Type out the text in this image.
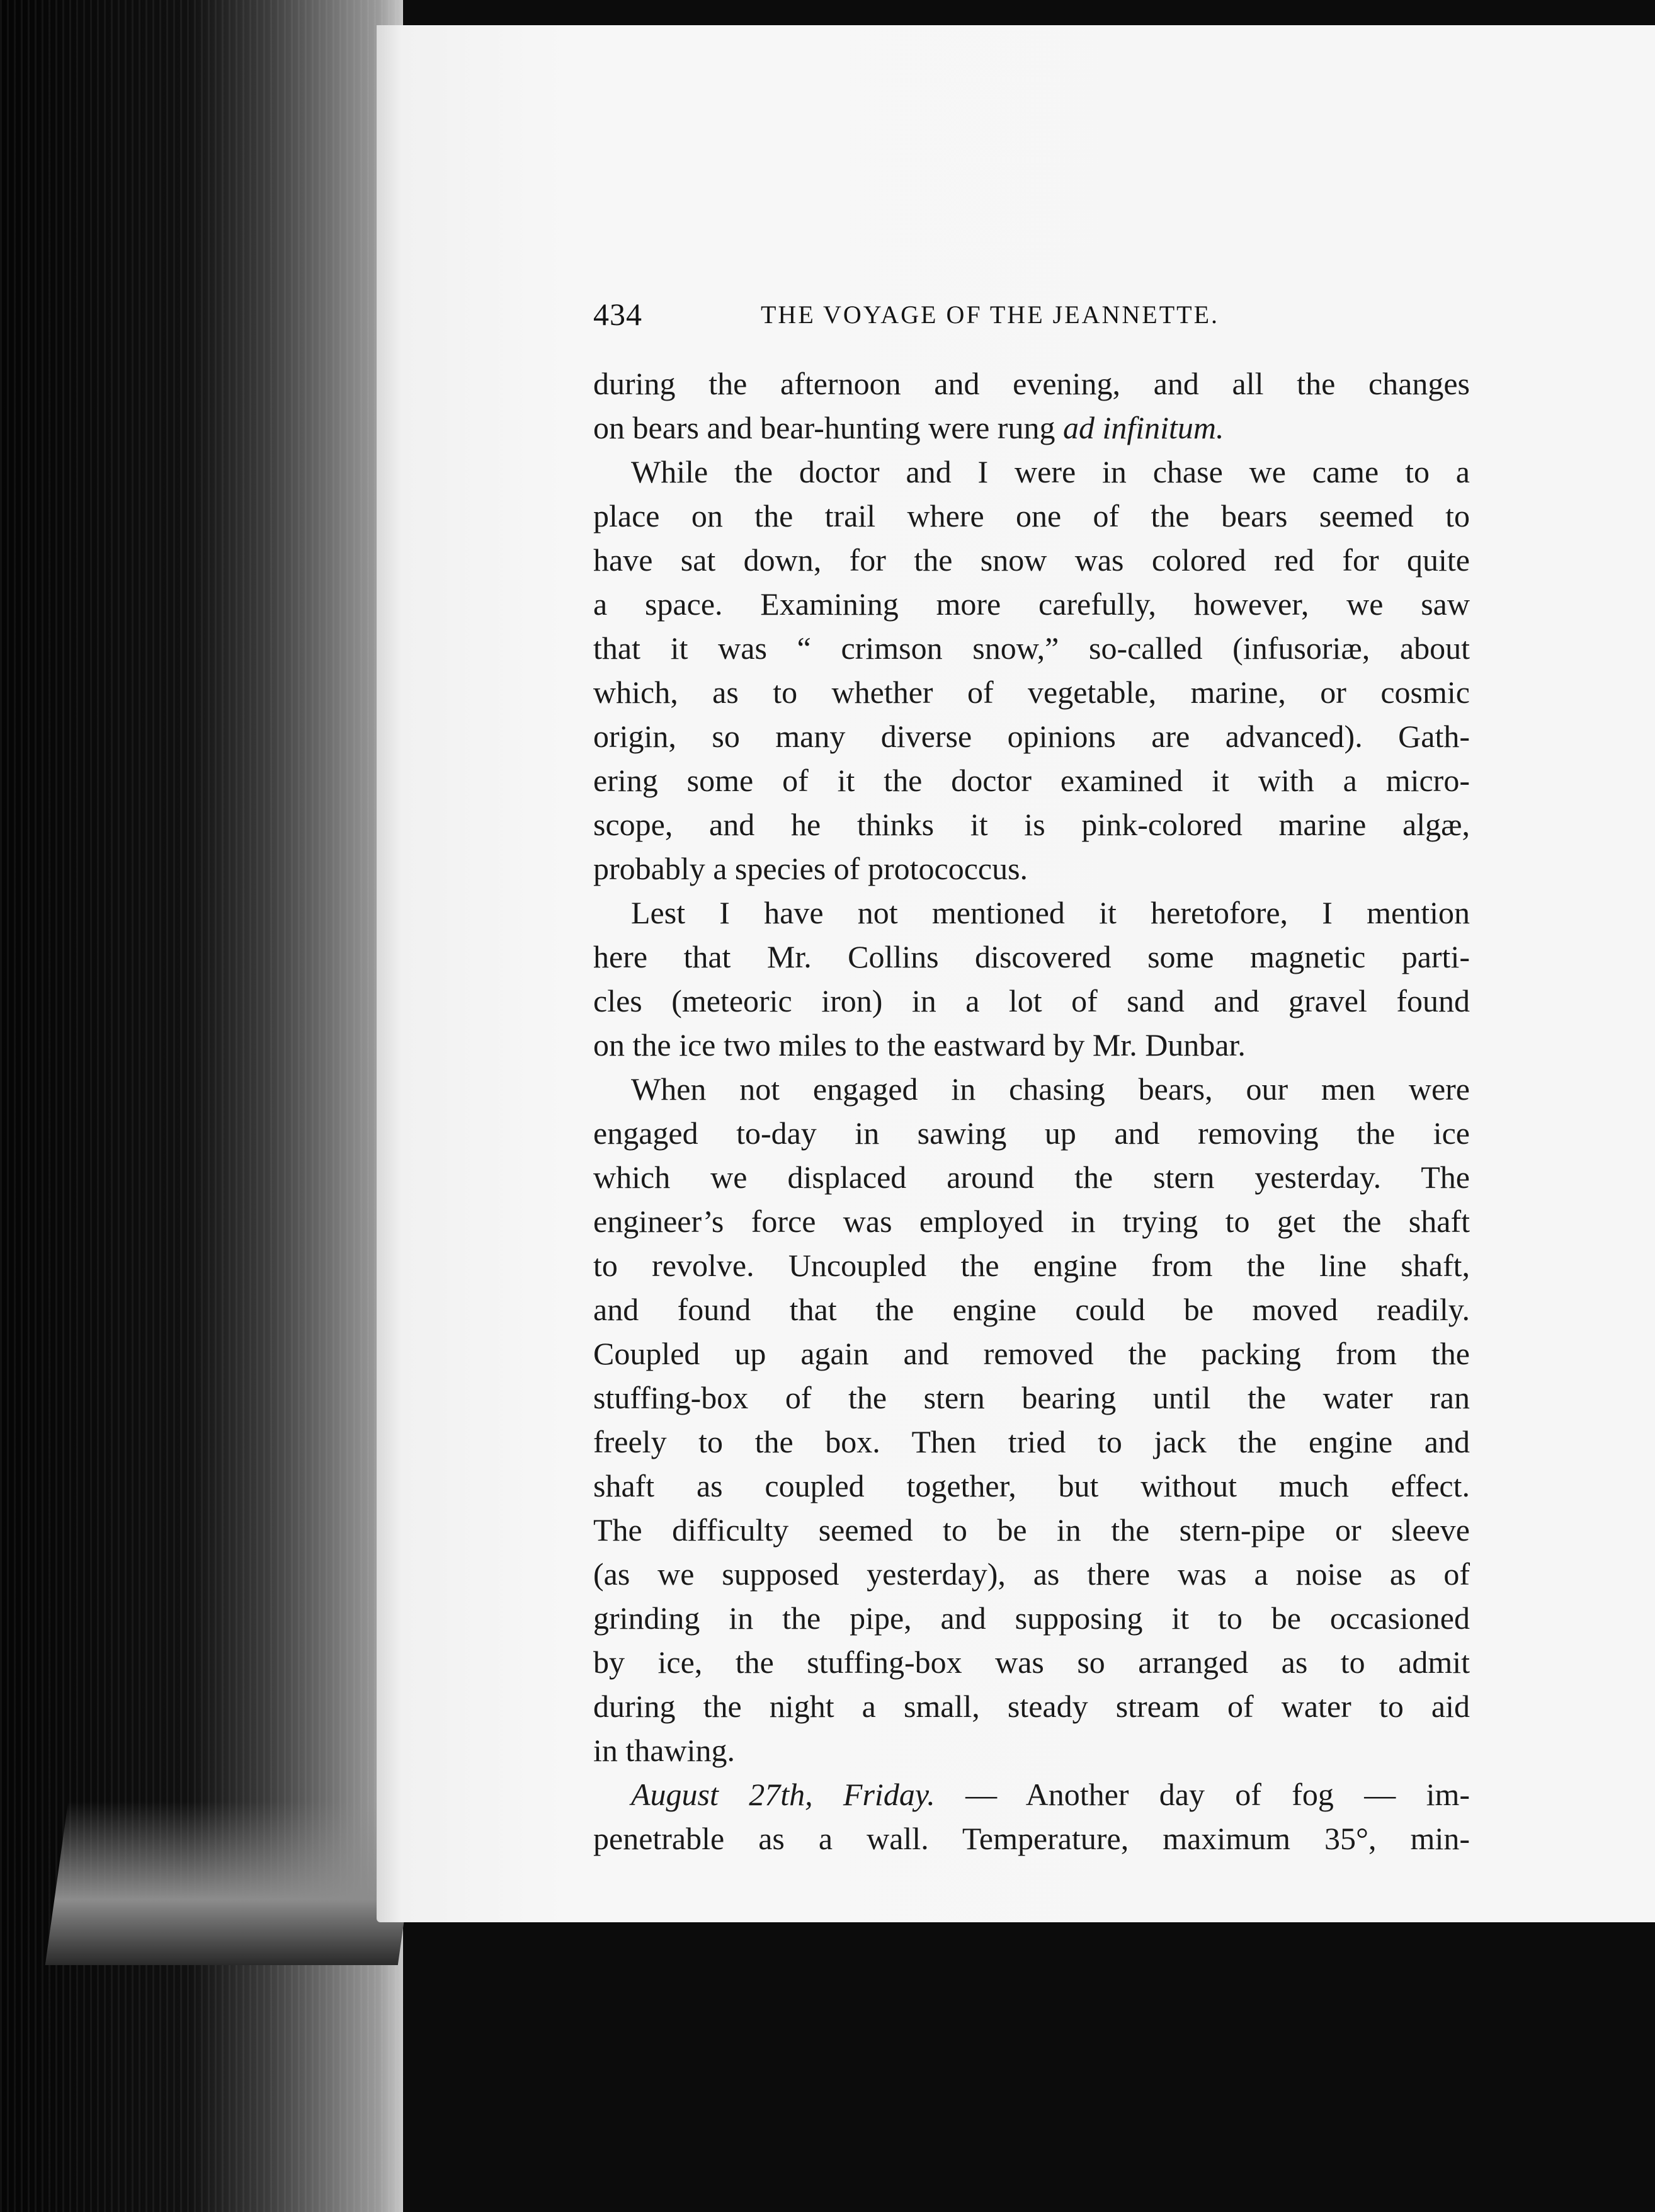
434	THE VOYAGE OF THE JEANNETTE.
during the afternoon and evening, and all the changes
on bears and bear-hunting were rung ad infinitum.
While the doctor and I were in chase we came to a
place on the trail where one of the bears seemed to
have sat down, for the snow was colored red for quite
a space. Examining more carefully, however, we saw
that it was “ crimson snow,” so-called (infusoriæ, about
which, as to whether of vegetable, marine, or cosmic
origin, so many diverse opinions are advanced). Gath-
ering some of it the doctor examined it with a micro-
scope, and he thinks it is pink-colored marine algæ,
probably a species of protococcus.
Lest I have not mentioned it heretofore, I mention
here that Mr. Collins discovered some magnetic parti-
cles (meteoric iron) in a lot of sand and gravel found
on the ice two miles to the eastward by Mr. Dunbar.
When not engaged in chasing bears, our men were
engaged to-day in sawing up and removing the ice
which we displaced around the stern yesterday. The
engineer’s force was employed in trying to get the shaft
to revolve. Uncoupled the engine from the line shaft,
and found that the engine could be moved readily.
Coupled up again and removed the packing from the
stuffing-box of the stern bearing until the water ran
freely to the box. Then tried to jack the engine and
shaft as coupled together, but without much effect.
The difficulty seemed to be in the stern-pipe or sleeve
(as we supposed yesterday), as there was a noise as of
grinding in the pipe, and supposing it to be occasioned
by ice, the stuffing-box was so arranged as to admit
during the night a small, steady stream of water to aid
in thawing.
August 27th, Friday. — Another day of fog — im-
penetrable as a wall. Temperature, maximum 35°, min-
